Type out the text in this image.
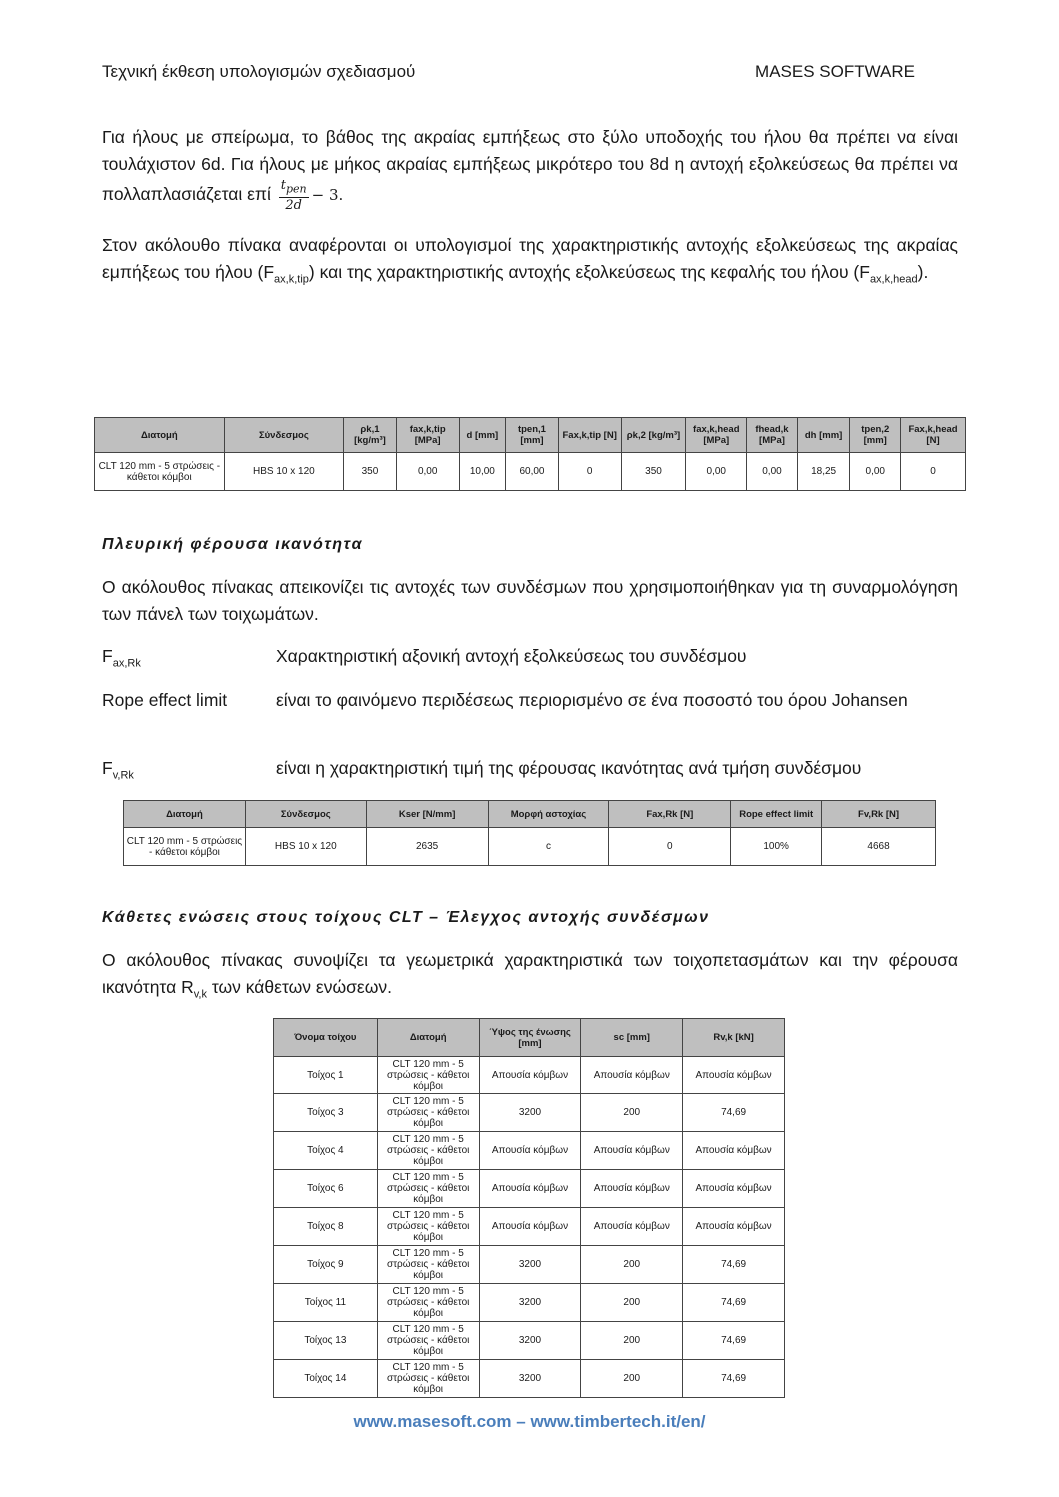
Τεχνική έκθεση υπολογισμών σχεδιασμού	MASES SOFTWARE
Για ήλους με σπείρωμα, το βάθος της ακραίας εμπήξεως στο ξύλο υποδοχής του ήλου θα πρέπει να είναι τουλάχιστον 6d. Για ήλους με μήκος ακραίας εμπήξεως μικρότερο του 8d η αντοχή εξολκεύσεως θα πρέπει να πολλαπλασιάζεται επί $\frac{t_{pen}}{2d} - 3$.
Στον ακόλουθο πίνακα αναφέρονται οι υπολογισμοί της χαρακτηριστικής αντοχής εξολκεύσεως της ακραίας εμπήξεως του ήλου $(F_{ax,k,tip})$ και της χαρακτηριστικής αντοχής εξολκεύσεως της κεφαλής του ήλου $(F_{ax,k,head})$.
Διατομή	Σύνδεσμος	ρk,1 [kg/m³]	fax,k,tip [MPa]	d [mm]	tpen,1 [mm]	Fax,k,tip [N]	ρk,2 [kg/m³]	fax,k,head [MPa]	fhead,k [MPa]	dh [mm]	tpen,2 [mm]	Fax,k,head [N]
CLT 120 mm - 5 στρώσεις - κάθετοι κόμβοι	HBS 10 x 120	350	0,00	10,00	60,00	0	350	0,00	0,00	18,25	0,00	0
Πλευρική φέρουσα ικανότητα
Ο ακόλουθος πίνακας απεικονίζει τις αντοχές των συνδέσμων που χρησιμοποιήθηκαν για τη συναρμολόγηση των πάνελ των τοιχωμάτων.
$F_{ax,Rk}$	Χαρακτηριστική αξονική αντοχή εξολκεύσεως του συνδέσμου
Rope effect limit	είναι το φαινόμενο περιδέσεως περιορισμένο σε ένα ποσοστό του όρου Johansen
$F_{v,Rk}$	είναι η χαρακτηριστική τιμή της φέρουσας ικανότητας ανά τμήση συνδέσμου
Διατομή	Σύνδεσμος	Kser [N/mm]	Μορφή αστοχίας	Fax,Rk [N]	Rope effect limit	Fv,Rk [N]
CLT 120 mm - 5 στρώσεις - κάθετοι κόμβοι	HBS 10 x 120	2635	c	0	100%	4668
Κάθετες ενώσεις στους τοίχους CLT – Έλεγχος αντοχής συνδέσμων
Ο ακόλουθος πίνακας συνοψίζει τα γεωμετρικά χαρακτηριστικά των τοιχοπετασμάτων και την φέρουσα ικανότητα $R_{v,k}$ των κάθετων ενώσεων.
Όνομα τοίχου	Διατομή	Ύψος της ένωσης [mm]	sc [mm]	Rv,k [kN]
Τοίχος 1	CLT 120 mm - 5 στρώσεις - κάθετοι κόμβοι	Απουσία κόμβων	Απουσία κόμβων	Απουσία κόμβων
Τοίχος 3	CLT 120 mm - 5 στρώσεις - κάθετοι κόμβοι	3200	200	74,69
Τοίχος 4	CLT 120 mm - 5 στρώσεις - κάθετοι κόμβοι	Απουσία κόμβων	Απουσία κόμβων	Απουσία κόμβων
Τοίχος 6	CLT 120 mm - 5 στρώσεις - κάθετοι κόμβοι	Απουσία κόμβων	Απουσία κόμβων	Απουσία κόμβων
Τοίχος 8	CLT 120 mm - 5 στρώσεις - κάθετοι κόμβοι	Απουσία κόμβων	Απουσία κόμβων	Απουσία κόμβων
Τοίχος 9	CLT 120 mm - 5 στρώσεις - κάθετοι κόμβοι	3200	200	74,69
Τοίχος 11	CLT 120 mm - 5 στρώσεις - κάθετοι κόμβοι	3200	200	74,69
Τοίχος 13	CLT 120 mm - 5 στρώσεις - κάθετοι κόμβοι	3200	200	74,69
Τοίχος 14	CLT 120 mm - 5 στρώσεις - κάθετοι κόμβοι	3200	200	74,69
www.masesoft.com – www.timbertech.it/en/
